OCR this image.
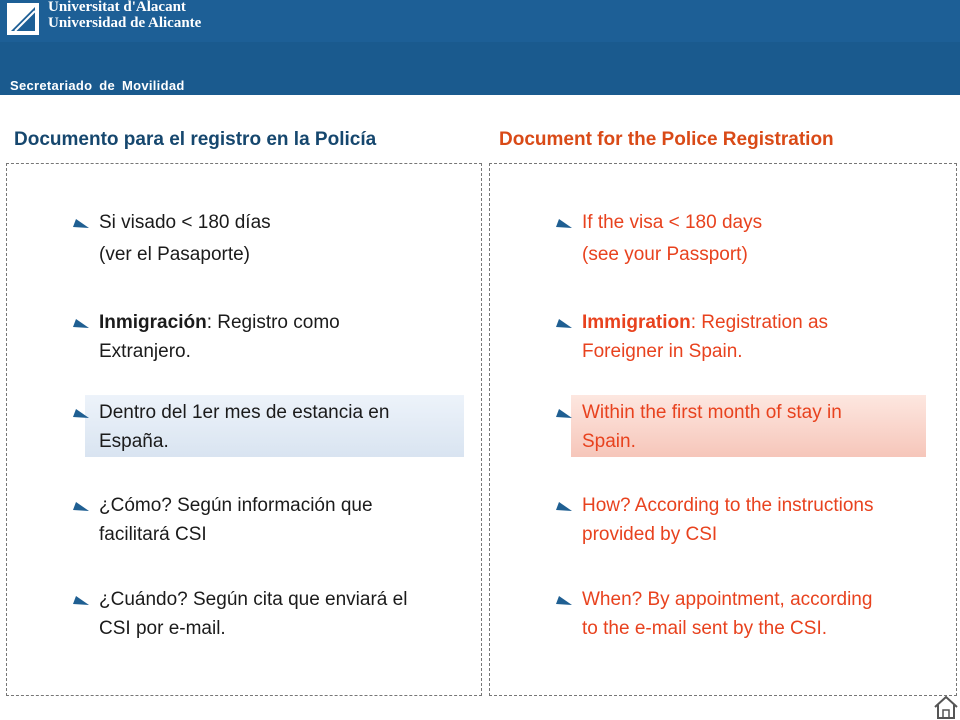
Universitat d'Alacant
Universidad de Alicante
Secretariado de Movilidad
Documento para el registro en la Policía	Document for the Police Registration
Si visado < 180 días
(ver el Pasaporte)
Inmigración: Registro como
Extranjero.
Dentro del 1er mes de estancia en
España.
¿Cómo? Según información que
facilitará CSI
¿Cuándo? Según cita que enviará el
CSI por e-mail.
If the visa < 180 days
(see your Passport)
Immigration: Registration as
Foreigner in Spain.
Within the first month of stay in
Spain.
How? According to the instructions
provided by CSI
When? By appointment, according
to the e-mail sent by the CSI.
